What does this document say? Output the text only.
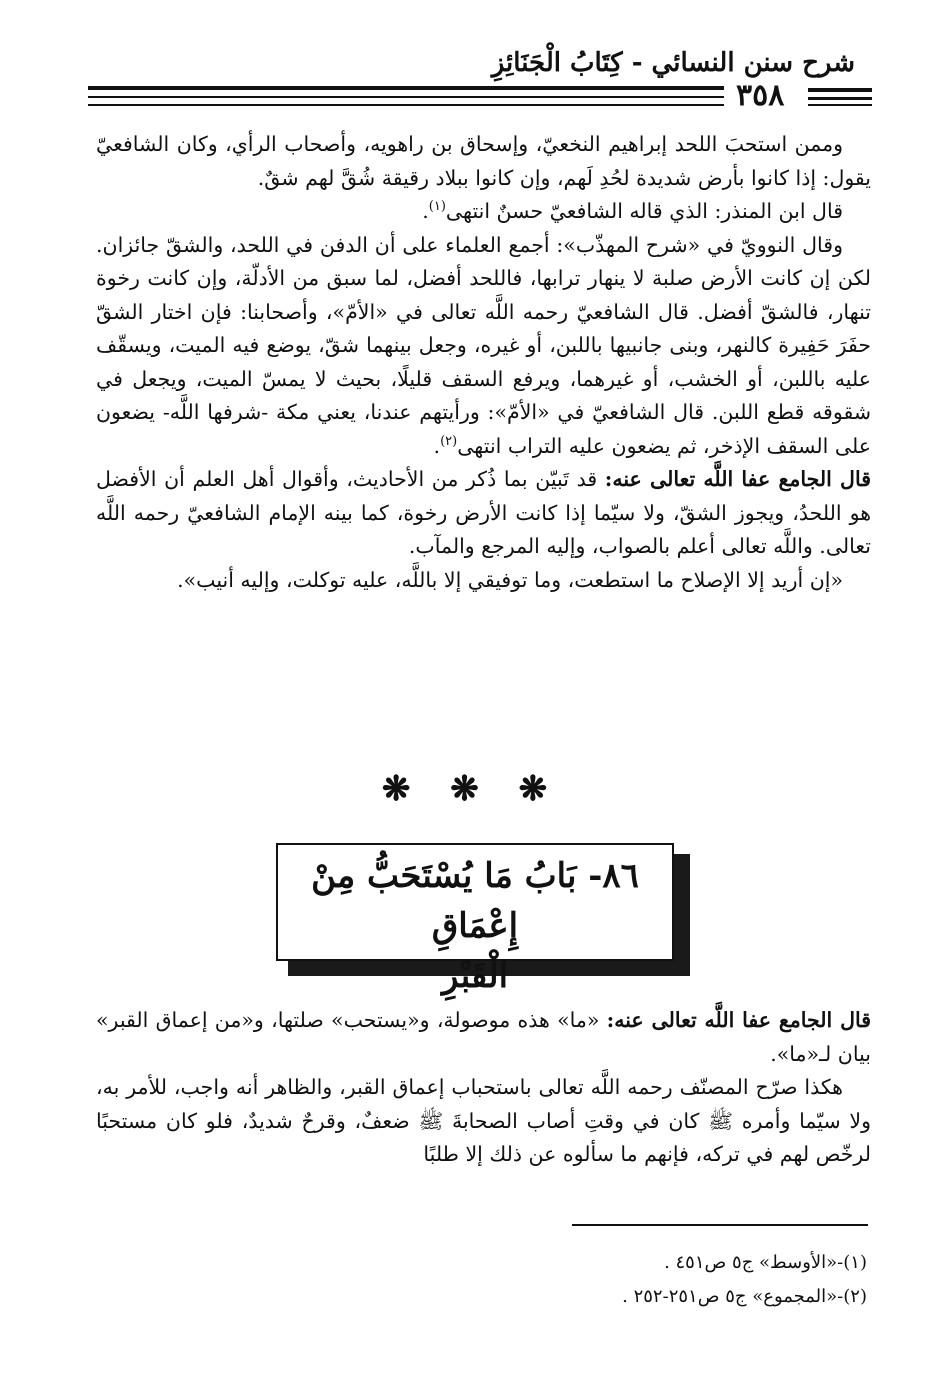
شرح سنن النسائي - كِتَابُ الْجَنَائِزِ
٣٥٨

وممن استحبَ اللحد إبراهيم النخعيّ، وإسحاق بن راهويه، وأصحاب الرأي، وكان الشافعيّ يقول: إذا كانوا بأرض شديدة لحُدِ لَهم، وإن كانوا ببلاد رقيقة شُقَّ لهم شقٌ.

قال ابن المنذر: الذي قاله الشافعيّ حسنٌ انتهى$^{(١)}$.

وقال النوويّ في «شرح المهذّب»: أجمع العلماء على أن الدفن في اللحد، والشقّ جائزان. لكن إن كانت الأرض صلبة لا ينهار ترابها، فاللحد أفضل، لما سبق من الأدلّة، وإن كانت رخوة تنهار، فالشقّ أفضل. قال الشافعيّ رحمه اللَّه تعالى في «الأمّ»، وأصحابنا: فإن اختار الشقّ حفَرَ حَفِيرة كالنهر، وبنى جانبيها باللبن، أو غيره، وجعل بينهما شقّ، يوضع فيه الميت، ويسقّف عليه باللبن، أو الخشب، أو غيرهما، ويرفع السقف قليلًا، بحيث لا يمسّ الميت، ويجعل في شقوقه قطع اللبن. قال الشافعيّ في «الأمّ»: ورأيتهم عندنا، يعني مكة -شرفها اللَّه- يضعون على السقف الإذخر، ثم يضعون عليه التراب انتهى$^{(٢)}$.

قال الجامع عفا اللَّه تعالى عنه: قد تَبيّن بما ذُكر من الأحاديث، وأقوال أهل العلم أن الأفضل هو اللحدُ، ويجوز الشقّ، ولا سيّما إذا كانت الأرض رخوة، كما بينه الإمام الشافعيّ رحمه اللَّه تعالى. واللَّه تعالى أعلم بالصواب، وإليه المرجع والمآب.

«إن أريد إلا الإصلاح ما استطعت، وما توفيقي إلا باللَّه، عليه توكلت، وإليه أنيب».

❋ ❋ ❋
٨٦- بَابُ مَا يُسْتَحَبُّ مِنْ إِعْمَاقِ
الْقَبْرِ

قال الجامع عفا اللَّه تعالى عنه: «ما» هذه موصولة، و«يستحب» صلتها، و«من إعماق القبر» بيان لـ«ما».

هكذا صرّح المصنّف رحمه اللَّه تعالى باستحباب إعماق القبر، والظاهر أنه واجب، للأمر به، ولا سيّما وأمره ﷺ كان في وقتِ أصاب الصحابةَ ﷺ ضعفٌ، وقرحٌ شديدٌ، فلو كان مستحبًا لرخّص لهم في تركه، فإنهم ما سألوه عن ذلك إلا طلبًا

(١)-«الأوسط» ج٥ ص٤٥١ .
(٢)-«المجموع» ج٥ ص٢٥١-٢٥٢ .
